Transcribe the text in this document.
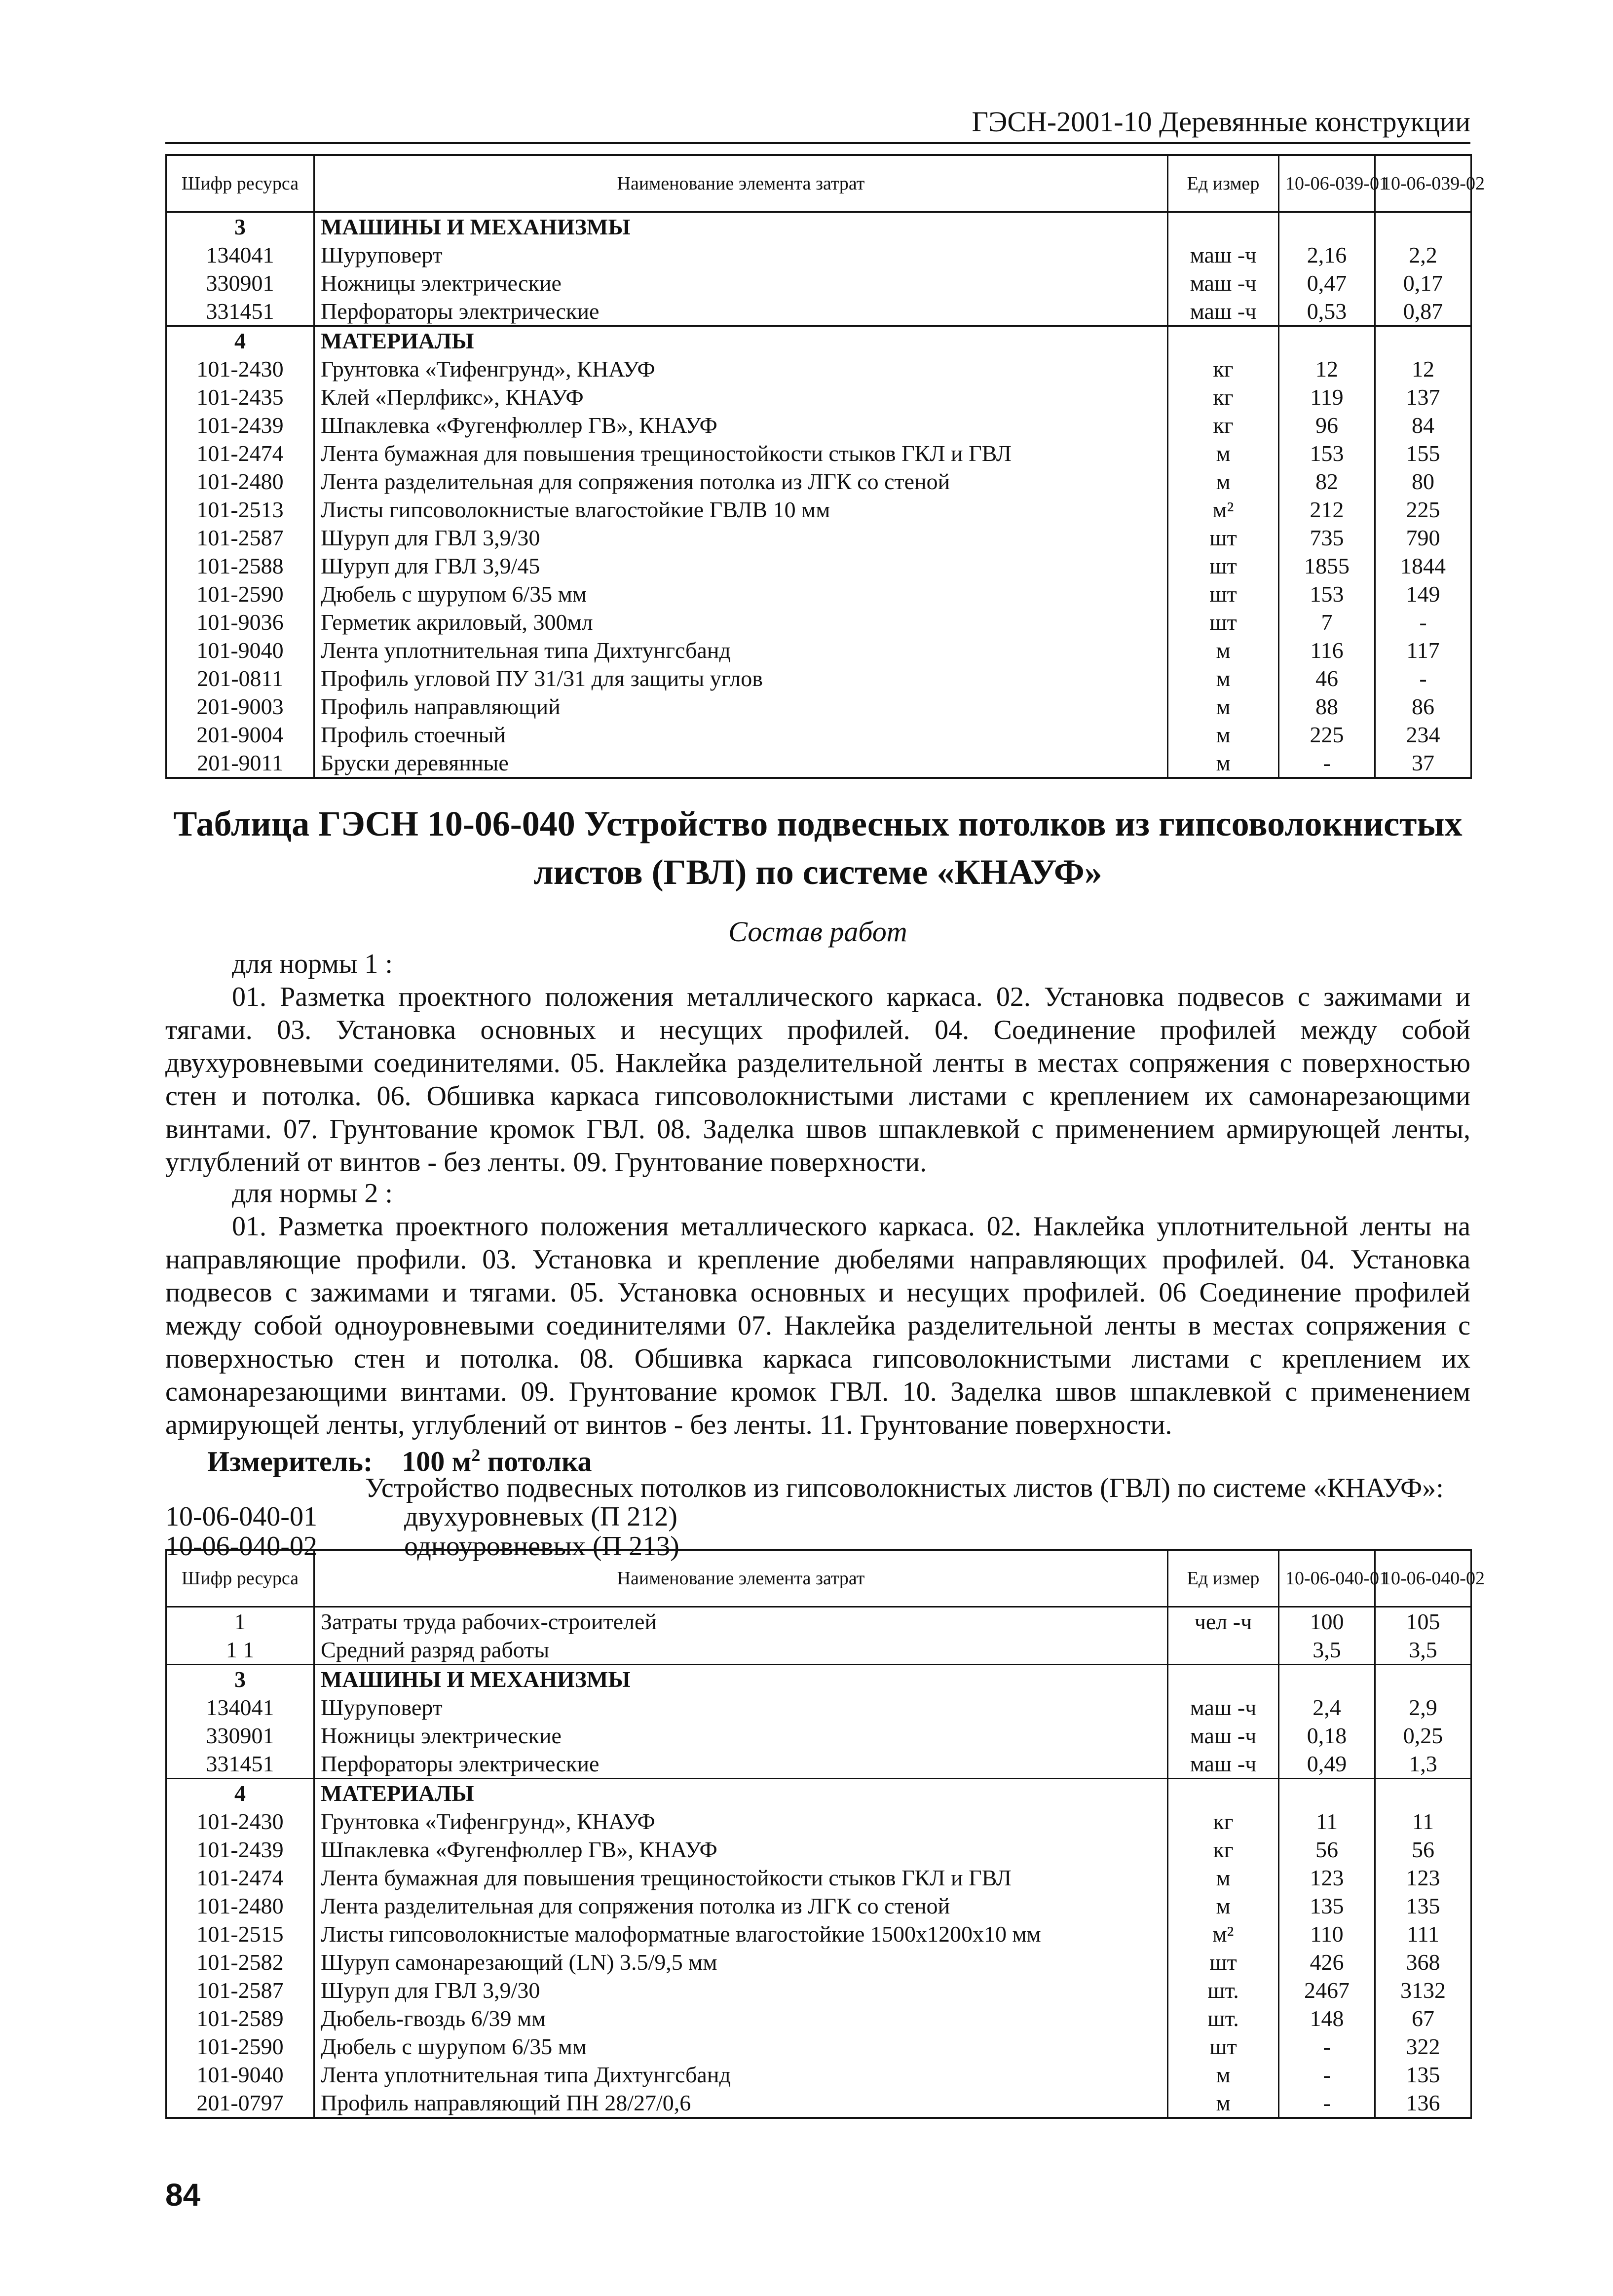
ГЭСН-2001-10 Деревянные конструкции
Шифр ресурса	Наименование элемента затрат	Ед измер	10-06-039-01	10-06-039-02
3	МАШИНЫ И МЕХАНИЗМЫ			
134041	Шуруповерт	маш -ч	2,16	2,2
330901	Ножницы электрические	маш -ч	0,47	0,17
331451	Перфораторы электрические	маш -ч	0,53	0,87
4	МАТЕРИАЛЫ			
101-2430	Грунтовка «Тифенгрунд», КНАУФ	кг	12	12
101-2435	Клей «Перлфикс», КНАУФ	кг	119	137
101-2439	Шпаклевка «Фугенфюллер ГВ», КНАУФ	кг	96	84
101-2474	Лента бумажная для повышения трещиностойкости стыков ГКЛ и ГВЛ	м	153	155
101-2480	Лента разделительная для сопряжения потолка из ЛГК со стеной	м	82	80
101-2513	Листы гипсоволокнистые влагостойкие ГВЛВ 10 мм	м²	212	225
101-2587	Шуруп для ГВЛ 3,9/30	шт	735	790
101-2588	Шуруп для ГВЛ 3,9/45	шт	1855	1844
101-2590	Дюбель с шурупом 6/35 мм	шт	153	149
101-9036	Герметик акриловый, 300мл	шт	7	-
101-9040	Лента уплотнительная типа Дихтунгсбанд	м	116	117
201-0811	Профиль угловой ПУ 31/31 для защиты углов	м	46	-
201-9003	Профиль направляющий	м	88	86
201-9004	Профиль стоечный	м	225	234
201-9011	Бруски деревянные	м	-	37
Таблица ГЭСН 10-06-040 Устройство подвесных потолков из гипсоволокнистых листов (ГВЛ) по системе «КНАУФ»
Состав работ
для нормы 1 :
01. Разметка проектного положения металлического каркаса. 02. Установка подвесов с зажимами и тягами. 03. Установка основных и несущих профилей. 04. Соединение профилей между собой двухуровневыми соединителями. 05. Наклейка разделительной ленты в местах сопряжения с поверхностью стен и потолка. 06. Обшивка каркаса гипсоволокнистыми листами с креплением их самонарезающими винтами. 07. Грунтование кромок ГВЛ. 08. Заделка швов шпаклевкой с применением армирующей ленты, углублений от винтов - без ленты. 09. Грунтование поверхности.
для нормы 2 :
01. Разметка проектного положения металлического каркаса. 02. Наклейка уплотнительной ленты на направляющие профили. 03. Установка и крепление дюбелями направляющих профилей. 04. Установка подвесов с зажимами и тягами. 05. Установка основных и несущих профилей. 06 Соединение профилей между собой одноуровневыми соединителями 07. Наклейка разделительной ленты в местах сопряжения с поверхностью стен и потолка. 08. Обшивка каркаса гипсоволокнистыми листами с креплением их самонарезающими винтами. 09. Грунтование кромок ГВЛ. 10. Заделка швов шпаклевкой с применением армирующей ленты, углублений от винтов - без ленты. 11. Грунтование поверхности.
Измеритель: 100 $м^2$ потолка
Устройство подвесных потолков из гипсоволокнистых листов (ГВЛ) по системе «КНАУФ»:
10-06-040-01	двухуровневых (П 212)
10-06-040-02	одноуровневых (П 213)
Шифр ресурса	Наименование элемента затрат	Ед измер	10-06-040-01	10-06-040-02
1	Затраты труда рабочих-строителей	чел -ч	100	105
1 1	Средний разряд работы		3,5	3,5
3	МАШИНЫ И МЕХАНИЗМЫ			
134041	Шуруповерт	маш -ч	2,4	2,9
330901	Ножницы электрические	маш -ч	0,18	0,25
331451	Перфораторы электрические	маш -ч	0,49	1,3
4	МАТЕРИАЛЫ			
101-2430	Грунтовка «Тифенгрунд», КНАУФ	кг	11	11
101-2439	Шпаклевка «Фугенфюллер ГВ», КНАУФ	кг	56	56
101-2474	Лента бумажная для повышения трещиностойкости стыков ГКЛ и ГВЛ	м	123	123
101-2480	Лента разделительная для сопряжения потолка из ЛГК со стеной	м	135	135
101-2515	Листы гипсоволокнистые малоформатные влагостойкие 1500x1200x10 мм	м²	110	111
101-2582	Шуруп самонарезающий (LN) 3.5/9,5 мм	шт	426	368
101-2587	Шуруп для ГВЛ 3,9/30	шт.	2467	3132
101-2589	Дюбель-гвоздь 6/39 мм	шт.	148	67
101-2590	Дюбель с шурупом 6/35 мм	шт	-	322
101-9040	Лента уплотнительная типа Дихтунгсбанд	м	-	135
201-0797	Профиль направляющий ПН 28/27/0,6	м	-	136
84
